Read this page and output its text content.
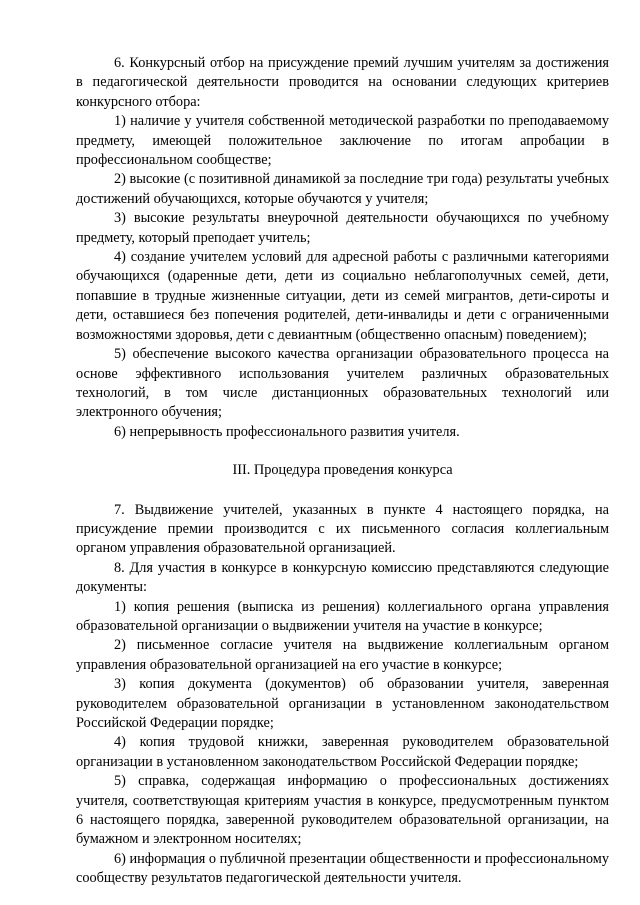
6. Конкурсный отбор на присуждение премий лучшим учителям за достижения в педагогической деятельности проводится на основании следующих критериев конкурсного отбора:

1) наличие у учителя собственной методической разработки по преподаваемому предмету, имеющей положительное заключение по итогам апробации в профессиональном сообществе;

2) высокие (с позитивной динамикой за последние три года) результаты учебных достижений обучающихся, которые обучаются у учителя;

3) высокие результаты внеурочной деятельности обучающихся по учебному предмету, который преподает учитель;

4) создание учителем условий для адресной работы с различными категориями обучающихся (одаренные дети, дети из социально неблагополучных семей, дети, попавшие в трудные жизненные ситуации, дети из семей мигрантов, дети-сироты и дети, оставшиеся без попечения родителей, дети-инвалиды и дети с ограниченными возможностями здоровья, дети с девиантным (общественно опасным) поведением);

5) обеспечение высокого качества организации образовательного процесса на основе эффективного использования учителем различных образовательных технологий, в том числе дистанционных образовательных технологий или электронного обучения;

6) непрерывность профессионального развития учителя.

III. Процедура проведения конкурса

7. Выдвижение учителей, указанных в пункте 4 настоящего порядка, на присуждение премии производится с их письменного согласия коллегиальным органом управления образовательной организацией.

8. Для участия в конкурсе в конкурсную комиссию представляются следующие документы:

1) копия решения (выписка из решения) коллегиального органа управления образовательной организации о выдвижении учителя на участие в конкурсе;

2) письменное согласие учителя на выдвижение коллегиальным органом управления образовательной организацией на его участие в конкурсе;

3) копия документа (документов) об образовании учителя, заверенная руководителем образовательной организации в установленном законодательством Российской Федерации порядке;

4) копия трудовой книжки, заверенная руководителем образовательной организации в установленном законодательством Российской Федерации порядке;

5) справка, содержащая информацию о профессиональных достижениях учителя, соответствующая критериям участия в конкурсе, предусмотренным пунктом 6 настоящего порядка, заверенной руководителем образовательной организации, на бумажном и электронном носителях;

6) информация о публичной презентации общественности и профессиональному сообществу результатов педагогической деятельности учителя.
